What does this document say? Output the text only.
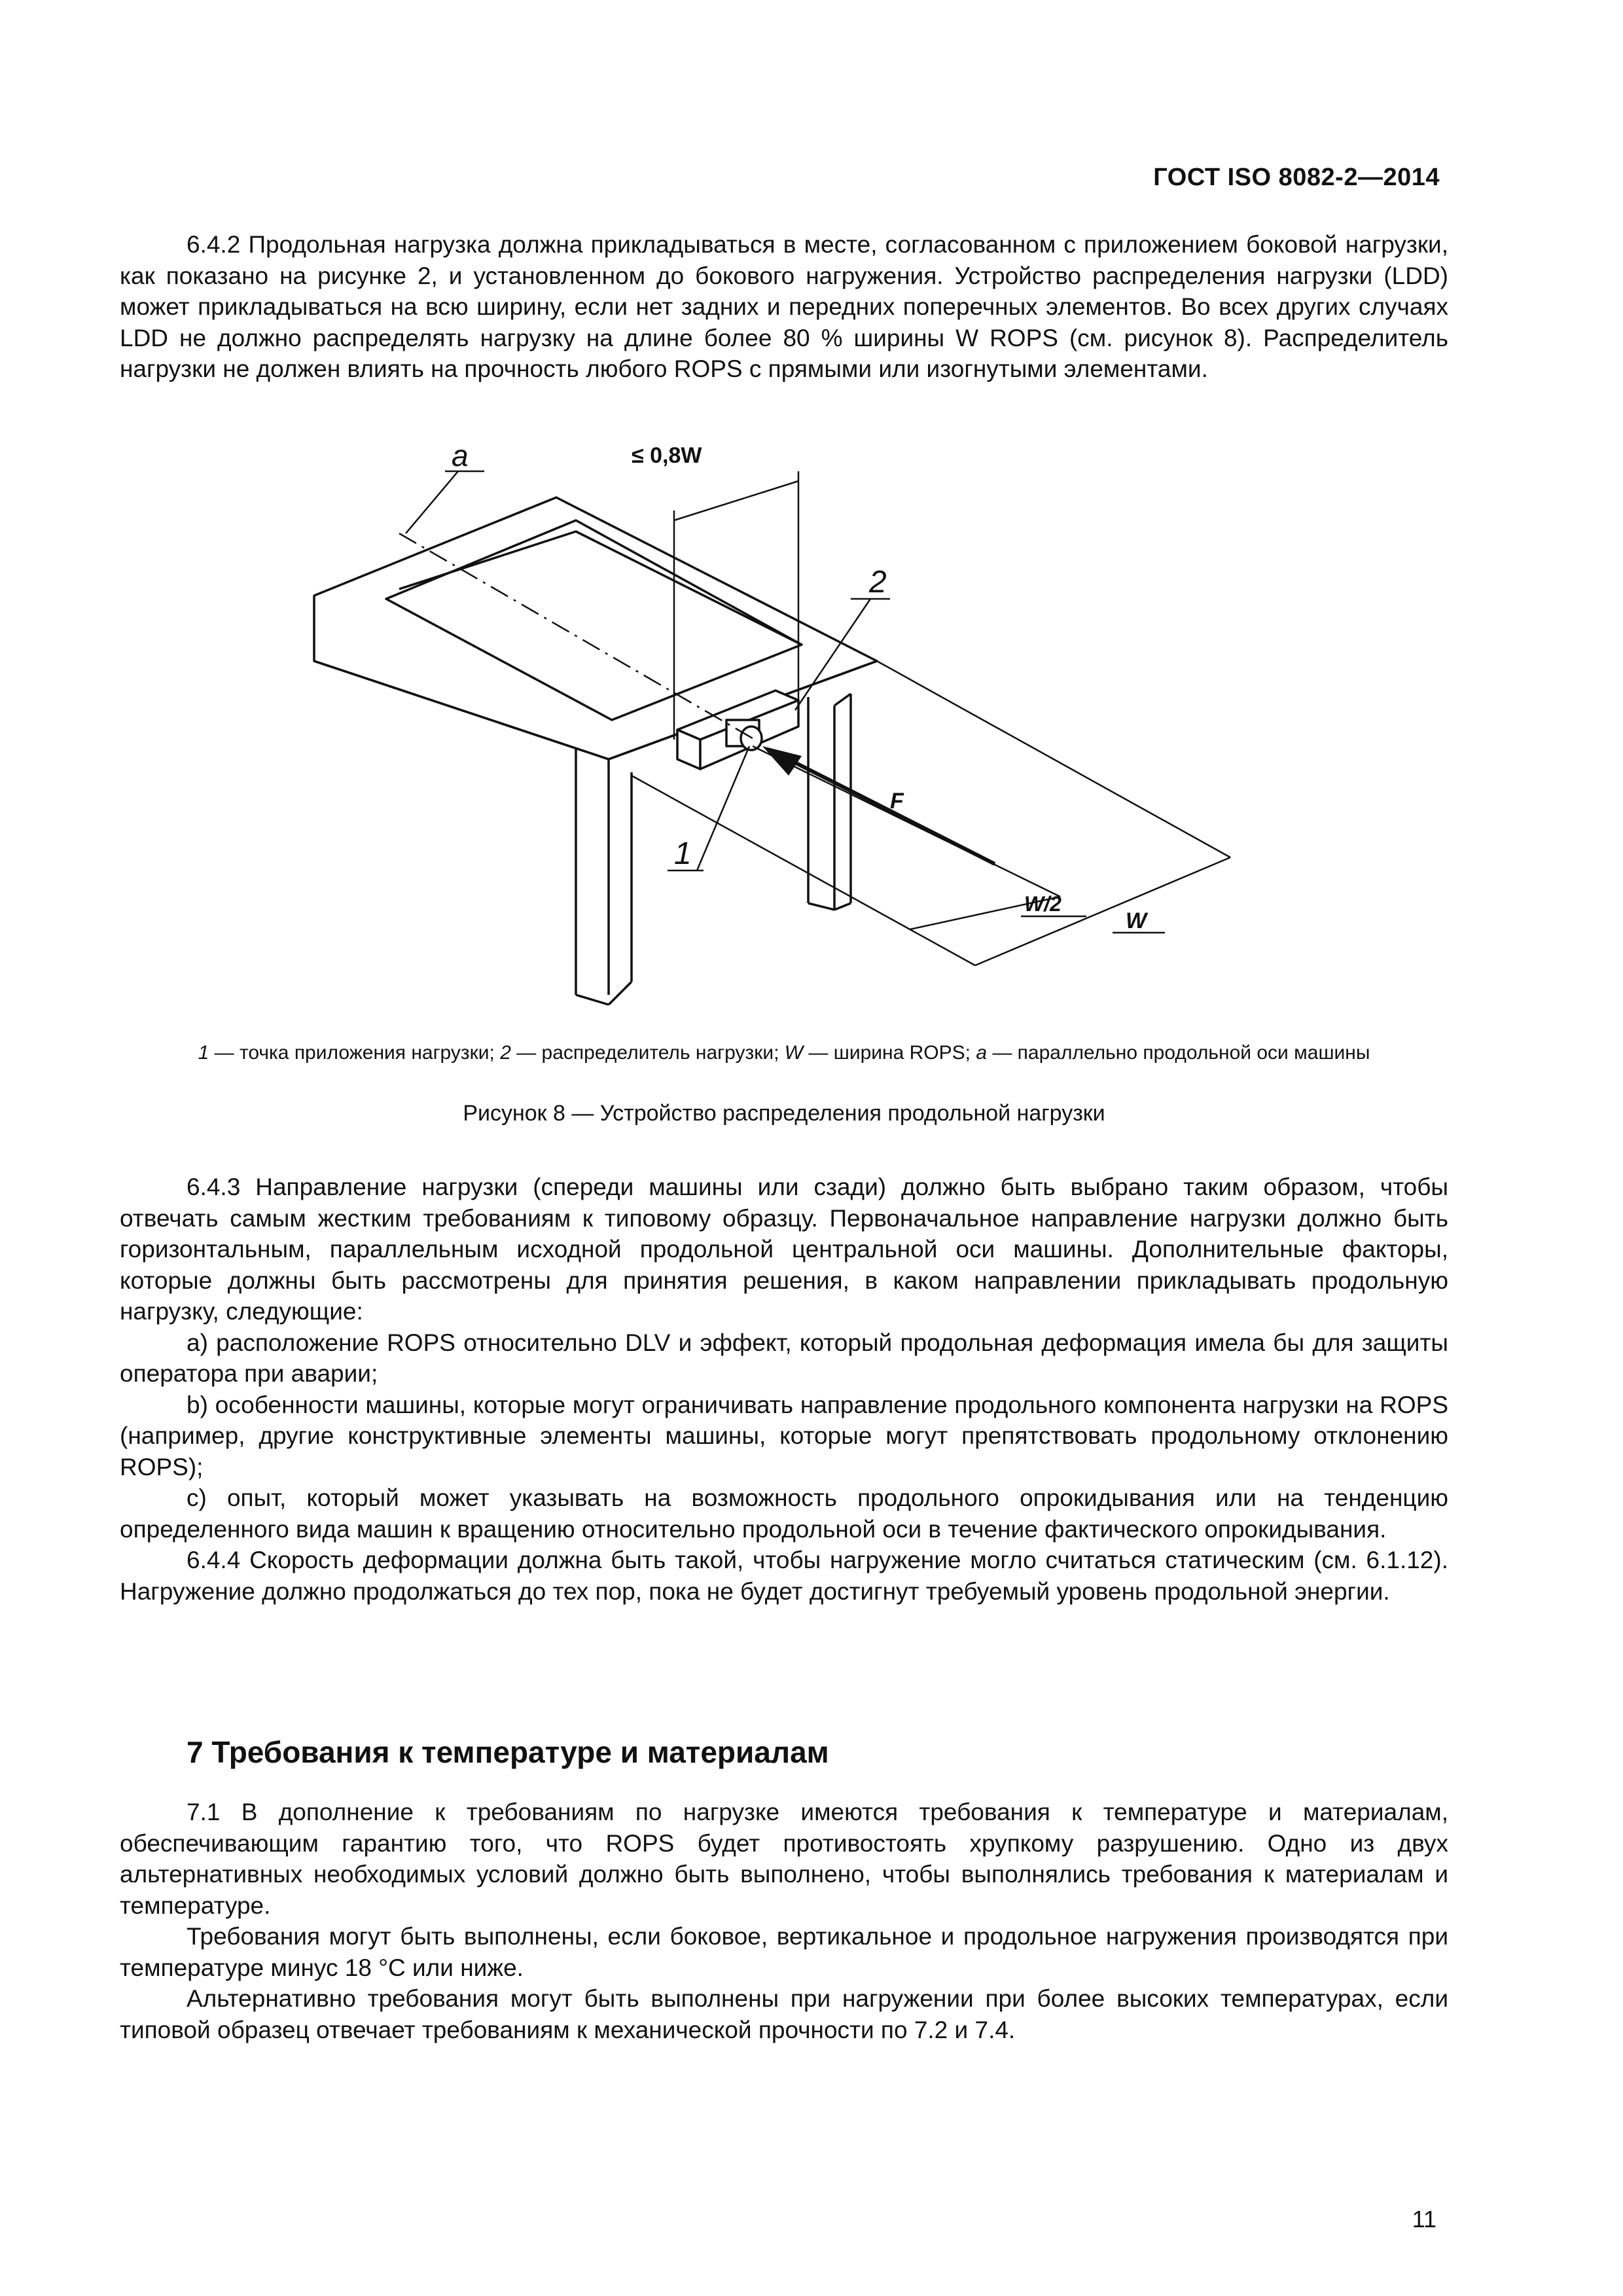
ГОСТ ISO 8082-2—2014

6.4.2 Продольная нагрузка должна прикладываться в месте, согласованном с приложением боковой нагрузки, как показано на рисунке 2, и установленном до бокового нагружения. Устройство распределения нагрузки (LDD) может прикладываться на всю ширину, если нет задних и передних поперечных элементов. Во всех других случаях LDD не должно распределять нагрузку на длине более 80 % ширины W ROPS (см. рисунок 8). Распределитель нагрузки не должен влиять на прочность любого ROPS с прямыми или изогнутыми элементами.

a	≤ 0,8W
2
1
F
W/2
W

1 — точка приложения нагрузки; 2 — распределитель нагрузки; W — ширина ROPS; a — параллельно продольной оси машины

Рисунок 8 — Устройство распределения продольной нагрузки

6.4.3 Направление нагрузки (спереди машины или сзади) должно быть выбрано таким образом, чтобы отвечать самым жестким требованиям к типовому образцу. Первоначальное направление нагрузки должно быть горизонтальным, параллельным исходной продольной центральной оси машины. Дополнительные факторы, которые должны быть рассмотрены для принятия решения, в каком направлении прикладывать продольную нагрузку, следующие:

a) расположение ROPS относительно DLV и эффект, который продольная деформация имела бы для защиты оператора при аварии;

b) особенности машины, которые могут ограничивать направление продольного компонента нагрузки на ROPS (например, другие конструктивные элементы машины, которые могут препятствовать продольному отклонению ROPS);

c) опыт, который может указывать на возможность продольного опрокидывания или на тенденцию определенного вида машин к вращению относительно продольной оси в течение фактического опрокидывания.

6.4.4 Скорость деформации должна быть такой, чтобы нагружение могло считаться статическим (см. 6.1.12). Нагружение должно продолжаться до тех пор, пока не будет достигнут требуемый уровень продольной энергии.

7 Требования к температуре и материалам

7.1 В дополнение к требованиям по нагрузке имеются требования к температуре и материалам, обеспечивающим гарантию того, что ROPS будет противостоять хрупкому разрушению. Одно из двух альтернативных необходимых условий должно быть выполнено, чтобы выполнялись требования к материалам и температуре.

Требования могут быть выполнены, если боковое, вертикальное и продольное нагружения производятся при температуре минус 18 °С или ниже.

Альтернативно требования могут быть выполнены при нагружении при более высоких температурах, если типовой образец отвечает требованиям к механической прочности по 7.2 и 7.4.

11
